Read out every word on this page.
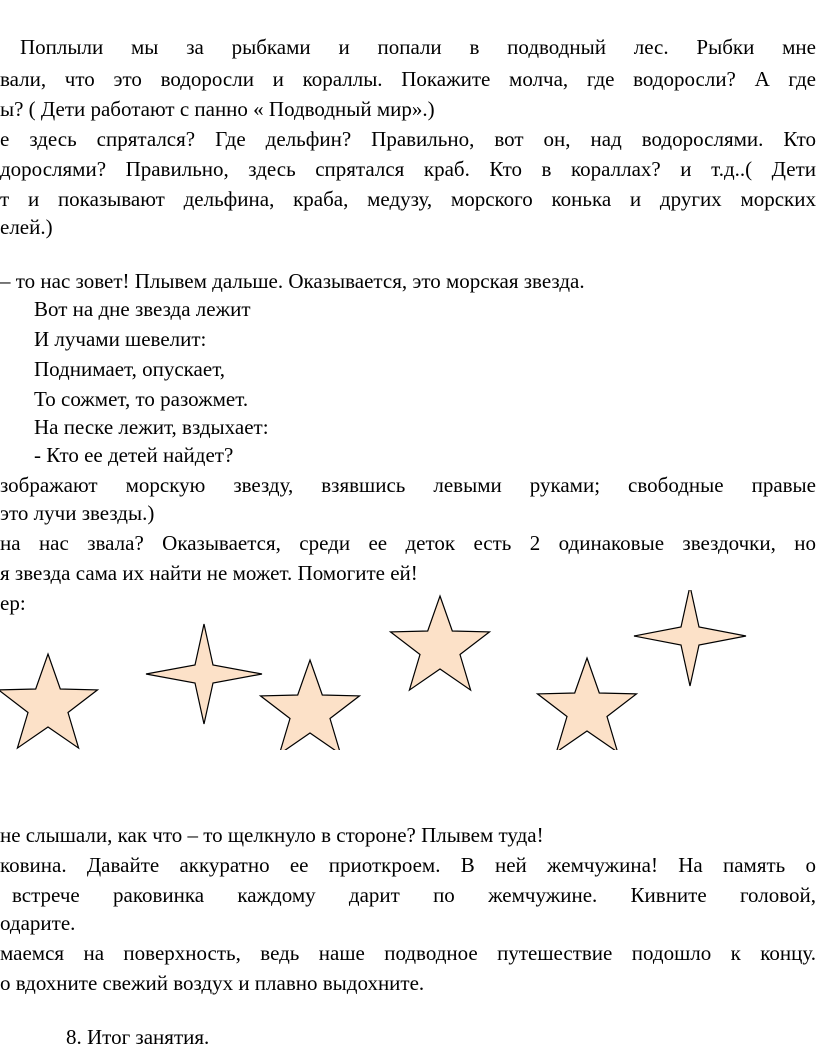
Поплыли мы за рыбками и попали в подводный лес. Рыбки мне
вали, что это водоросли и кораллы. Покажите молча, где водоросли? А где
ы? ( Дети работают с панно « Подводный мир».)
е здесь спрятался? Где дельфин? Правильно, вот он, над водорослями. Кто
дорослями? Правильно, здесь спрятался краб. Кто в кораллах? и т.д..( Дети
т и показывают дельфина, краба, медузу, морского конька и других морских
елей.)
– то нас зовет! Плывем дальше. Оказывается, это морская звезда.
Вот на дне звезда лежит
И лучами шевелит:
Поднимает, опускает,
То сожмет, то разожмет.
На песке лежит, вздыхает:
- Кто ее детей найдет?
зображают морскую звезду, взявшись левыми руками; свободные правые
это лучи звезды.)
на нас звала? Оказывается, среди ее деток есть 2 одинаковые звездочки, но
я звезда сама их найти не может. Помогите ей!
ер:
не слышали, как что – то щелкнуло в стороне? Плывем туда!
ковина. Давайте аккуратно ее приоткроем. В ней жемчужина! На память о
встрече раковинка каждому дарит по жемчужине. Кивните головой,
одарите.
маемся на поверхность, ведь наше подводное путешествие подошло к концу.
о вдохните свежий воздух и плавно выдохните.
8. Итог занятия.
